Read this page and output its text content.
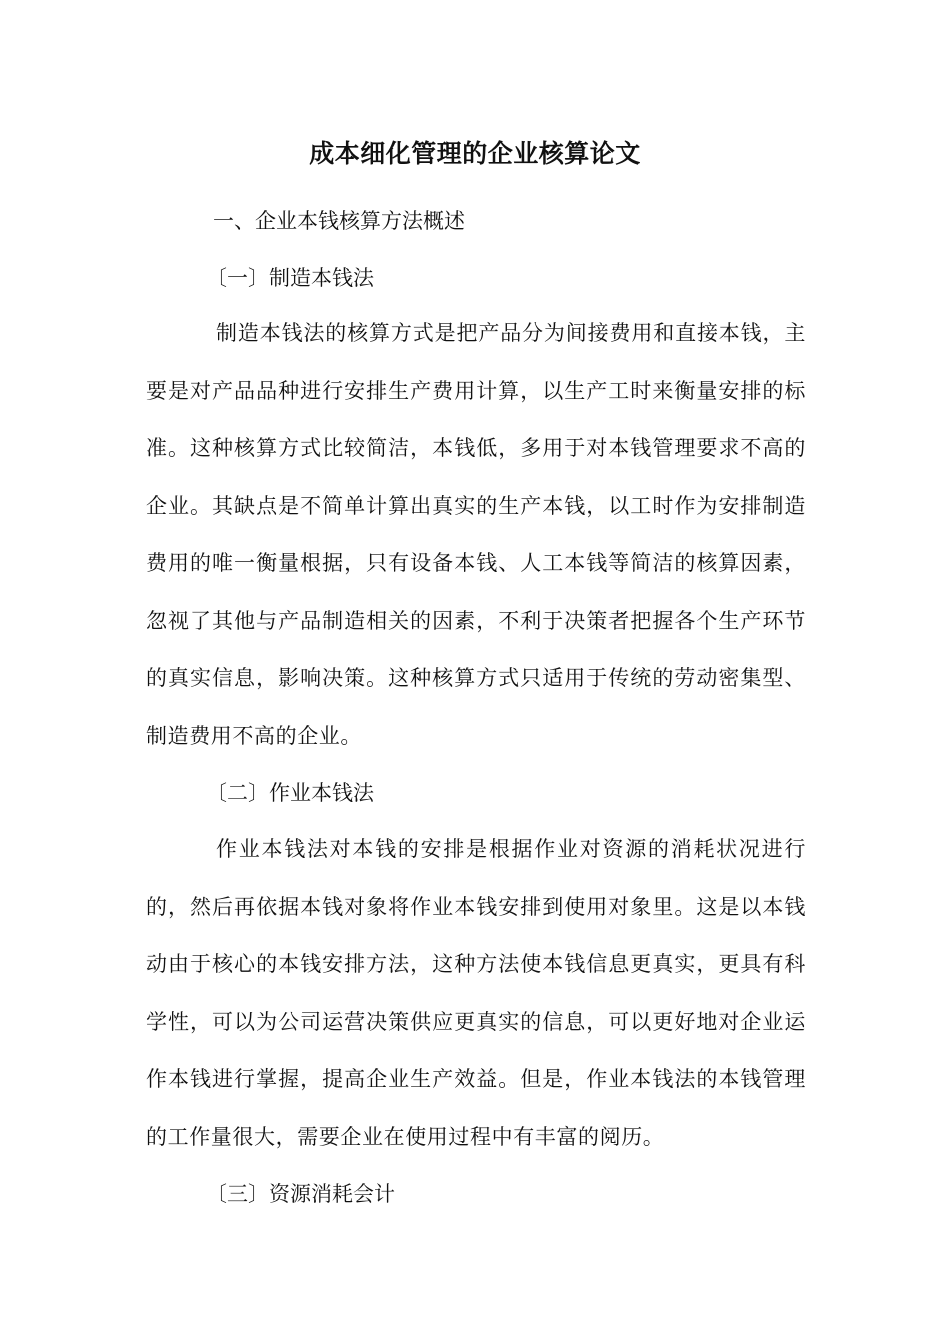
成本细化管理的企业核算论文
一、企业本钱核算方法概述
〔一〕制造本钱法
制造本钱法的核算方式是把产品分为间接费用和直接本钱，主要是对产品品种进行安排生产费用计算，以生产工时来衡量安排的标准。这种核算方式比较简洁，本钱低，多用于对本钱管理要求不高的企业。其缺点是不简单计算出真实的生产本钱，以工时作为安排制造费用的唯一衡量根据，只有设备本钱、人工本钱等简洁的核算因素，忽视了其他与产品制造相关的因素，不利于决策者把握各个生产环节的真实信息，影响决策。这种核算方式只适用于传统的劳动密集型、制造费用不高的企业。
〔二〕作业本钱法
作业本钱法对本钱的安排是根据作业对资源的消耗状况进行的，然后再依据本钱对象将作业本钱安排到使用对象里。这是以本钱动由于核心的本钱安排方法，这种方法使本钱信息更真实，更具有科学性，可以为公司运营决策供应更真实的信息，可以更好地对企业运作本钱进行掌握，提高企业生产效益。但是，作业本钱法的本钱管理的工作量很大，需要企业在使用过程中有丰富的阅历。
〔三〕资源消耗会计
